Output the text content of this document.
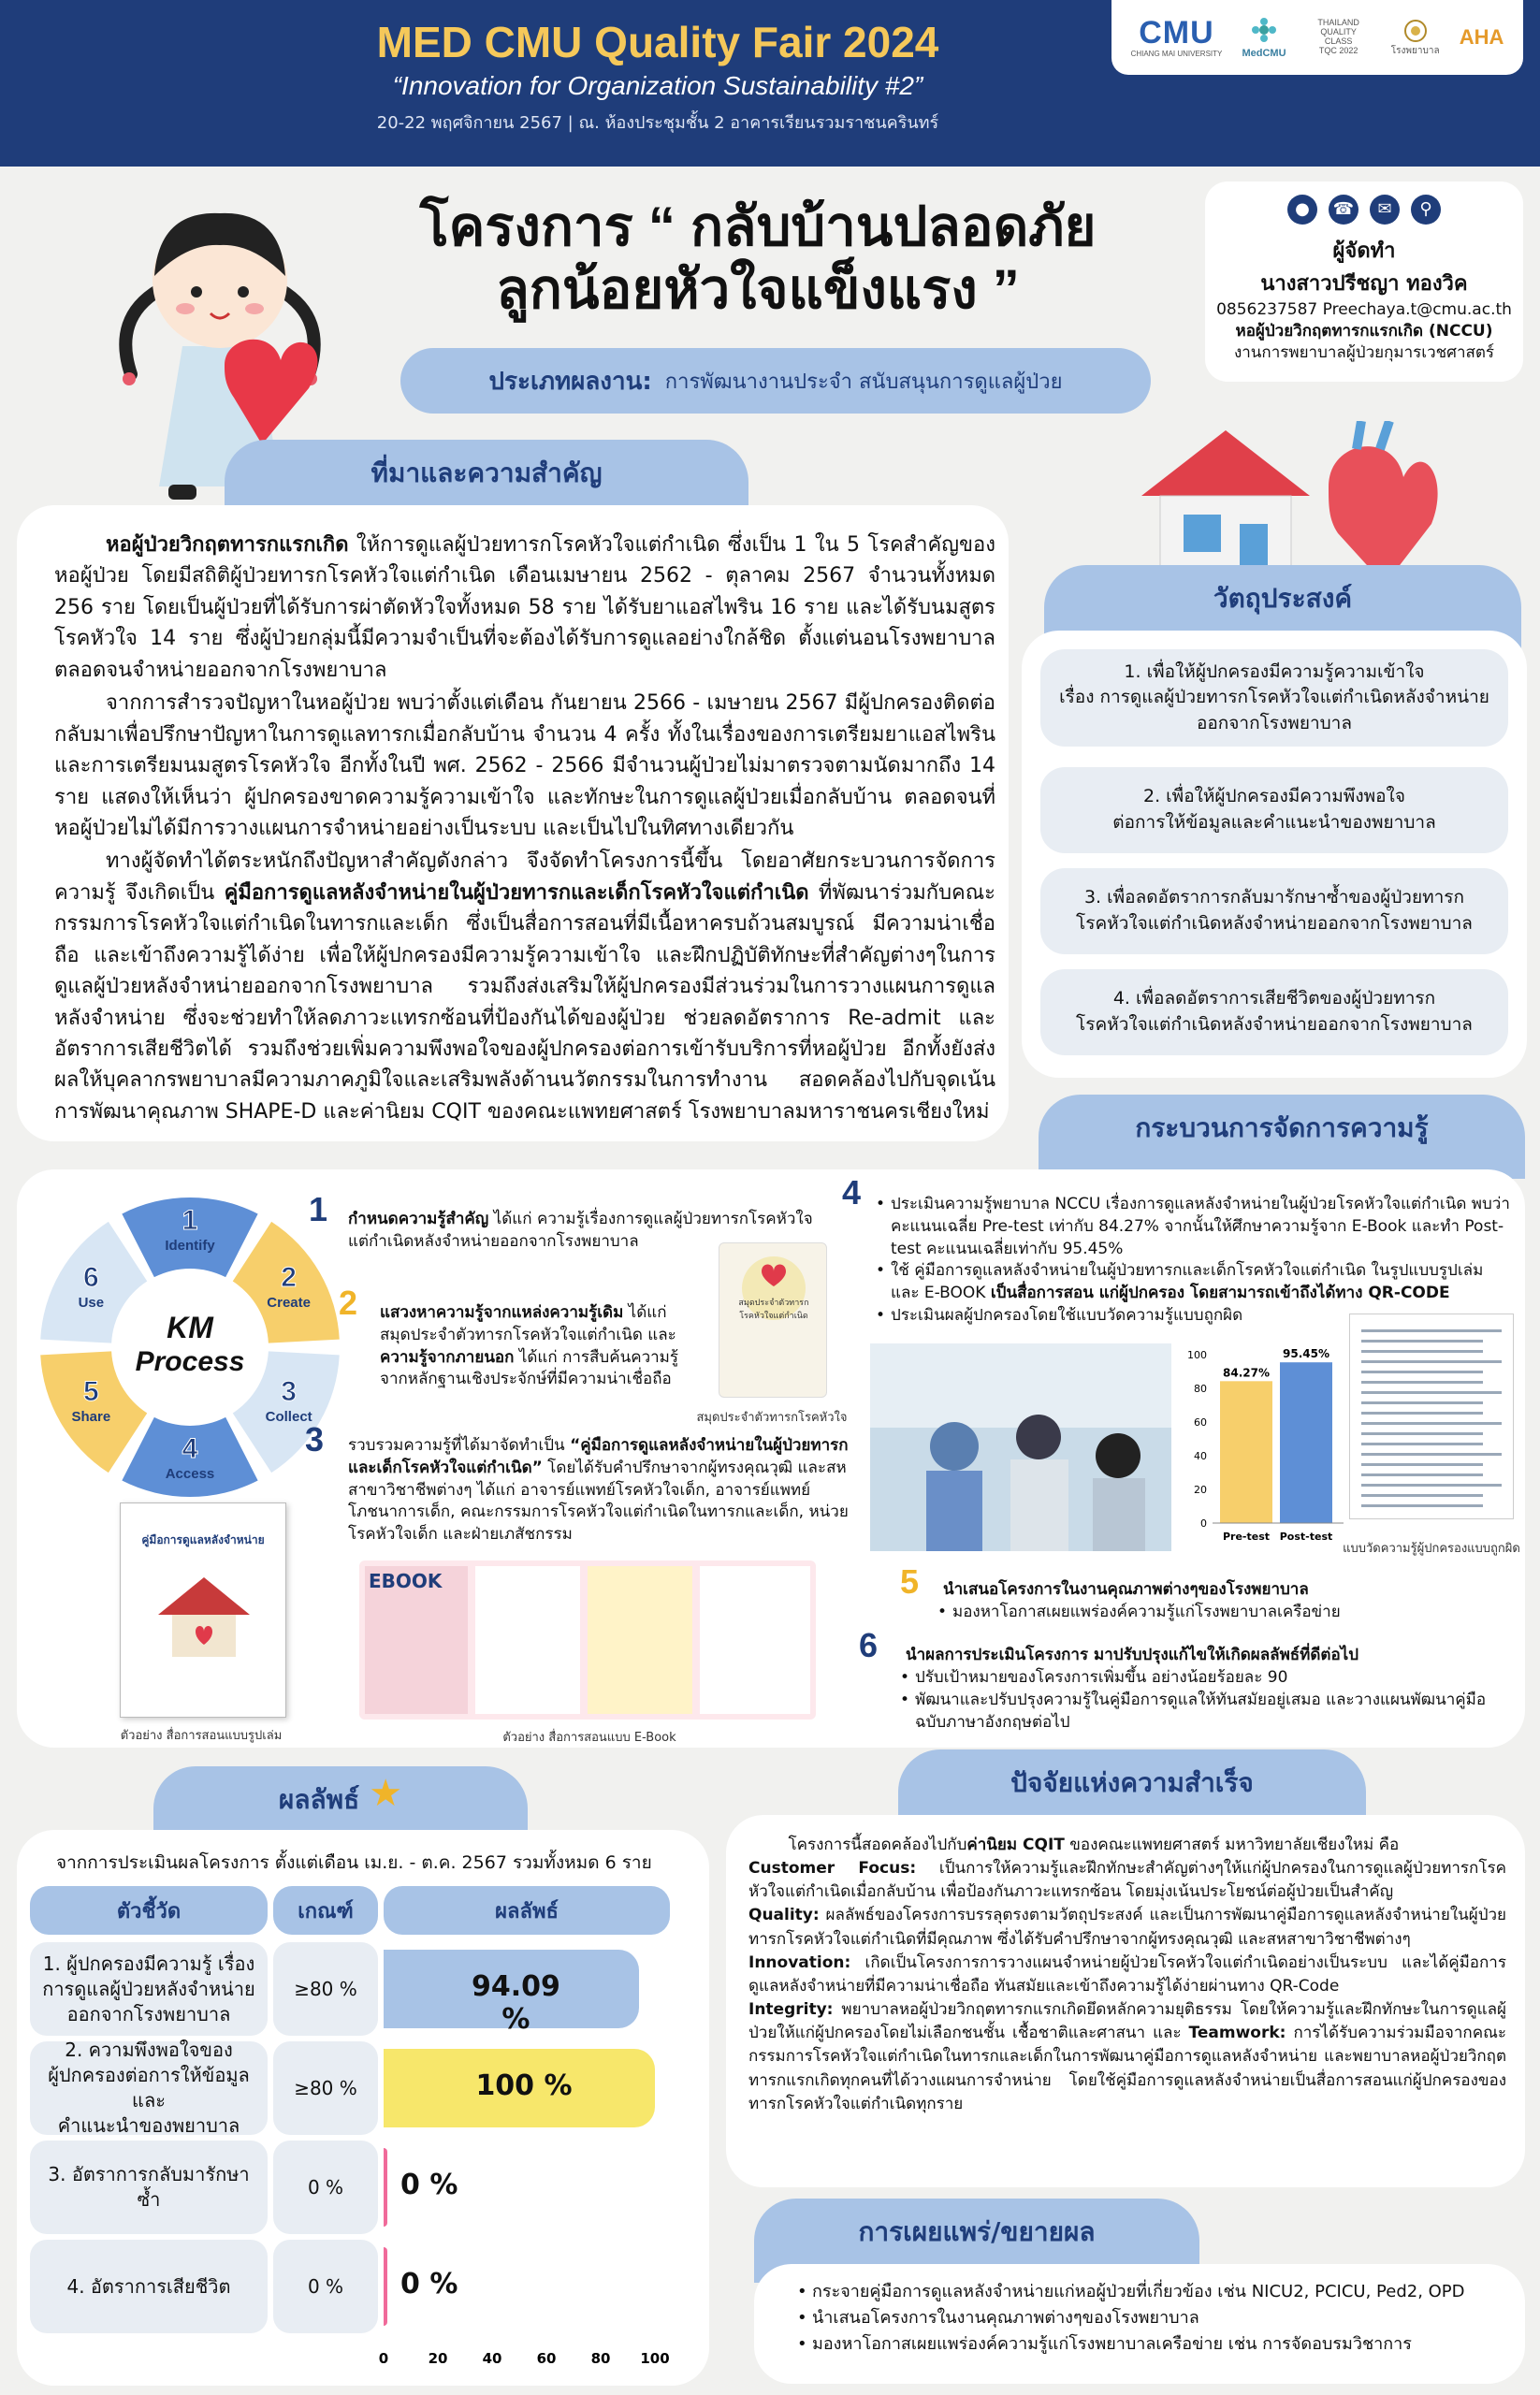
MED CMU Quality Fair 2024
“Innovation for Organization Sustainability #2”
20-22 พฤศจิกายน 2567 | ณ. ห้องประชุมชั้น 2 อาคารเรียนรวมราชนครินทร์
CMU
CHIANG MAI UNIVERSITY MedCMU
THAILAND QUALITY CLASS
TQC 2022	โรงพยาบาล
AHA
โครงการ “ กลับบ้านปลอดภัย
ลูกน้อยหัวใจแข็งแรง ”
ประเภทผลงาน: การพัฒนางานประจำ สนับสนุนการดูแลผู้ป่วย
●	☎	✉	⚲
ผู้จัดทำ
นางสาวปรีชญา ทองวิค
0856237587 Preechaya.t@cmu.ac.th
หอผู้ป่วยวิกฤตทารกแรกเกิด (NCCU)
งานการพยาบาลผู้ป่วยกุมารเวชศาสตร์
ที่มาและความสำคัญ

หอผู้ป่วยวิกฤตทารกแรกเกิด ให้การดูแลผู้ป่วยทารกโรคหัวใจแต่กำเนิด ซึ่งเป็น 1 ใน 5 โรคสำคัญของหอผู้ป่วย โดยมีสถิติผู้ป่วยทารกโรคหัวใจแต่กำเนิด เดือนเมษายน 2562 - ตุลาคม 2567 จำนวนทั้งหมด 256 ราย โดยเป็นผู้ป่วยที่ได้รับการผ่าตัดหัวใจทั้งหมด 58 ราย ได้รับยาแอสไพริน 16 ราย และได้รับนมสูตรโรคหัวใจ 14 ราย ซึ่งผู้ป่วยกลุ่มนี้มีความจำเป็นที่จะต้องได้รับการดูแลอย่างใกล้ชิด ตั้งแต่นอนโรงพยาบาล ตลอดจนจำหน่ายออกจากโรงพยาบาล

จากการสำรวจปัญหาในหอผู้ป่วย พบว่าตั้งแต่เดือน กันยายน 2566 - เมษายน 2567 มีผู้ปกครองติดต่อกลับมาเพื่อปรึกษาปัญหาในการดูแลทารกเมื่อกลับบ้าน จำนวน 4 ครั้ง ทั้งในเรื่องของการเตรียมยาแอสไพริน และการเตรียมนมสูตรโรคหัวใจ อีกทั้งในปี พศ. 2562 - 2566 มีจำนวนผู้ป่วยไม่มาตรวจตามนัดมากถึง 14 ราย แสดงให้เห็นว่า ผู้ปกครองขาดความรู้ความเข้าใจ และทักษะในการดูแลผู้ป่วยเมื่อกลับบ้าน ตลอดจนที่หอผู้ป่วยไม่ได้มีการวางแผนการจำหน่ายอย่างเป็นระบบ และเป็นไปในทิศทางเดียวกัน

ทางผู้จัดทำได้ตระหนักถึงปัญหาสำคัญดังกล่าว จึงจัดทำโครงการนี้ขึ้น โดยอาศัยกระบวนการจัดการความรู้ จึงเกิดเป็น คู่มือการดูแลหลังจำหน่ายในผู้ป่วยทารกและเด็กโรคหัวใจแต่กำเนิด ที่พัฒนาร่วมกับคณะกรรมการโรคหัวใจแต่กำเนิดในทารกและเด็ก ซึ่งเป็นสื่อการสอนที่มีเนื้อหาครบถ้วนสมบูรณ์ มีความน่าเชื่อถือ และเข้าถึงความรู้ได้ง่าย เพื่อให้ผู้ปกครองมีความรู้ความเข้าใจ และฝึกปฏิบัติทักษะที่สำคัญต่างๆในการดูแลผู้ป่วยหลังจำหน่ายออกจากโรงพยาบาล รวมถึงส่งเสริมให้ผู้ปกครองมีส่วนร่วมในการวางแผนการดูแลหลังจำหน่าย ซึ่งจะช่วยทำให้ลดภาวะแทรกซ้อนที่ป้องกันได้ของผู้ป่วย ช่วยลดอัตราการ Re-admit และอัตราการเสียชีวิตได้ รวมถึงช่วยเพิ่มความพึงพอใจของผู้ปกครองต่อการเข้ารับบริการที่หอผู้ป่วย อีกทั้งยังส่งผลให้บุคลากรพยาบาลมีความภาคภูมิใจและเสริมพลังด้านนวัตกรรมในการทำงาน สอดคล้องไปกับจุดเน้นการพัฒนาคุณภาพ SHAPE-D และค่านิยม CQIT ของคณะแพทยศาสตร์ โรงพยาบาลมหาราชนครเชียงใหม่

วัตถุประสงค์
1. เพื่อให้ผู้ปกครองมีความรู้ความเข้าใจ
เรื่อง การดูแลผู้ป่วยทารกโรคหัวใจแต่กำเนิดหลังจำหน่าย
ออกจากโรงพยาบาล
2. เพื่อให้ผู้ปกครองมีความพึงพอใจ
ต่อการให้ข้อมูลและคำแนะนำของพยาบาล
3. เพื่อลดอัตราการกลับมารักษาซ้ำของผู้ป่วยทารก
โรคหัวใจแต่กำเนิดหลังจำหน่ายออกจากโรงพยาบาล
4. เพื่อลดอัตราการเสียชีวิตของผู้ป่วยทารก
โรคหัวใจแต่กำเนิดหลังจำหน่ายออกจากโรงพยาบาล
กระบวนการจัดการความรู้
KM
Process
1
Identify
2
Create
3
Collect
4
Access
5
Share
6
Use
1 กำหนดความรู้สำคัญ ได้แก่ ความรู้เรื่องการดูแลผู้ป่วยทารกโรคหัวใจแต่กำเนิดหลังจำหน่ายออกจากโรงพยาบาล
2 แสวงหาความรู้จากแหล่งความรู้เดิม ได้แก่ สมุดประจำตัวทารกโรคหัวใจแต่กำเนิด และความรู้จากภายนอก ได้แก่ การสืบค้นความรู้จากหลักฐานเชิงประจักษ์ที่มีความน่าเชื่อถือ
สมุดประจำตัวทารก โรคหัวใจแต่กำเนิด
สมุดประจำตัวทารกโรคหัวใจ
3 รวบรวมความรู้ที่ได้มาจัดทำเป็น “คู่มือการดูแลหลังจำหน่ายในผู้ป่วยทารกและเด็กโรคหัวใจแต่กำเนิด” โดยได้รับคำปรึกษาจากผู้ทรงคุณวุฒิ และสหสาขาวิชาชีพต่างๆ ได้แก่ อาจารย์แพทย์โรคหัวใจเด็ก, อาจารย์แพทย์โภชนาการเด็ก, คณะกรรมการโรคหัวใจแต่กำเนิดในทารกและเด็ก, หน่วยโรคหัวใจเด็ก และฝ่ายเภสัชกรรม
คู่มือการดูแลหลังจำหน่าย
ตัวอย่าง สื่อการสอนแบบรูปเล่ม
EBOOK
ตัวอย่าง สื่อการสอนแบบ E-Book
4
•	ประเมินความรู้พยาบาล NCCU เรื่องการดูแลหลังจำหน่ายในผู้ป่วยโรคหัวใจแต่กำเนิด พบว่า คะแนนเฉลี่ย Pre-test เท่ากับ 84.27% จากนั้นให้ศึกษาความรู้จาก E-Book และทำ Post-test คะแนนเฉลี่ยเท่ากับ 95.45%
• ใช้ คู่มือการดูแลหลังจำหน่ายในผู้ป่วยทารกและเด็กโรคหัวใจแต่กำเนิด ในรูปแบบรูปเล่ม และ E-BOOK เป็นสื่อการสอน แก่ผู้ปกครอง โดยสามารถเข้าถึงได้ทาง QR-CODE
• ประเมินผลผู้ปกครองโดยใช้แบบวัดความรู้แบบถูกผิด
0
20
40
60
80
100
84.27%
Pre-test
95.45%
Post-test
แบบวัดความรู้ผู้ปกครองแบบถูกผิด
5 นำเสนอโครงการในงานคุณภาพต่างๆของโรงพยาบาล
• มองหาโอกาสเผยแพร่องค์ความรู้แก่โรงพยาบาลเครือข่าย
6 นำผลการประเมินโครงการ มาปรับปรุงแก้ไขให้เกิดผลลัพธ์ที่ดีต่อไป
• ปรับเป้าหมายของโครงการเพิ่มขึ้น อย่างน้อยร้อยละ 90
• พัฒนาและปรับปรุงความรู้ในคู่มือการดูแลให้ทันสมัยอยู่เสมอ และวางแผนพัฒนาคู่มือฉบับภาษาอังกฤษต่อไป
ผลลัพธ์ ★
จากการประเมินผลโครงการ ตั้งแต่เดือน เม.ย. - ต.ค. 2567 รวมทั้งหมด 6 ราย
ตัวชี้วัด	เกณฑ์	ผลลัพธ์
1. ผู้ปกครองมีความรู้ เรื่อง
การดูแลผู้ป่วยหลังจำหน่าย
ออกจากโรงพยาบาล
≥80 %	94.09 %
2. ความพึงพอใจของ
ผู้ปกครองต่อการให้ข้อมูลและ
คำแนะนำของพยาบาล
≥80 %	100 %
3. อัตราการกลับมารักษาซ้ำ
0 %	0 %
4. อัตราการเสียชีวิต	0 %	0 %
0	20 40 60 80 100
ปัจจัยแห่งความสำเร็จ
โครงการนี้สอดคล้องไปกับค่านิยม CQIT ของคณะแพทยศาสตร์ มหาวิทยาลัยเชียงใหม่ คือ
Customer Focus: เป็นการให้ความรู้และฝึกทักษะสำคัญต่างๆให้แก่ผู้ปกครองในการดูแลผู้ป่วยทารกโรคหัวใจแต่กำเนิดเมื่อกลับบ้าน เพื่อป้องกันภาวะแทรกซ้อน โดยมุ่งเน้นประโยชน์ต่อผู้ป่วยเป็นสำคัญ
Quality: ผลลัพธ์ของโครงการบรรลุตรงตามวัตถุประสงค์ และเป็นการพัฒนาคู่มือการดูแลหลังจำหน่ายในผู้ป่วยทารกโรคหัวใจแต่กำเนิดที่มีคุณภาพ ซึ่งได้รับคำปรึกษาจากผู้ทรงคุณวุฒิ และสหสาขาวิชาชีพต่างๆ
Innovation: เกิดเป็นโครงการการวางแผนจำหน่ายผู้ป่วยโรคหัวใจแต่กำเนิดอย่างเป็นระบบ และได้คู่มือการดูแลหลังจำหน่ายที่มีความน่าเชื่อถือ ทันสมัยและเข้าถึงความรู้ได้ง่ายผ่านทาง QR-Code
Integrity: พยาบาลหอผู้ป่วยวิกฤตทารกแรกเกิดยึดหลักความยุติธรรม โดยให้ความรู้และฝึกทักษะในการดูแลผู้ป่วยให้แก่ผู้ปกครองโดยไม่เลือกชนชั้น เชื้อชาติและศาสนา และ Teamwork: การได้รับความร่วมมือจากคณะกรรมการโรคหัวใจแต่กำเนิดในทารกและเด็กในการพัฒนาคู่มือการดูแลหลังจำหน่าย และพยาบาลหอผู้ป่วยวิกฤตทารกแรกเกิดทุกคนที่ได้วางแผนการจำหน่าย โดยใช้คู่มือการดูแลหลังจำหน่ายเป็นสื่อการสอนแก่ผู้ปกครองของทารกโรคหัวใจแต่กำเนิดทุกราย
การเผยแพร่/ขยายผล
• กระจายคู่มือการดูแลหลังจำหน่ายแก่หอผู้ป่วยที่เกี่ยวข้อง เช่น NICU2, PCICU, Ped2, OPD
• นำเสนอโครงการในงานคุณภาพต่างๆของโรงพยาบาล
• มองหาโอกาสเผยแพร่องค์ความรู้แก่โรงพยาบาลเครือข่าย เช่น การจัดอบรมวิชาการ
